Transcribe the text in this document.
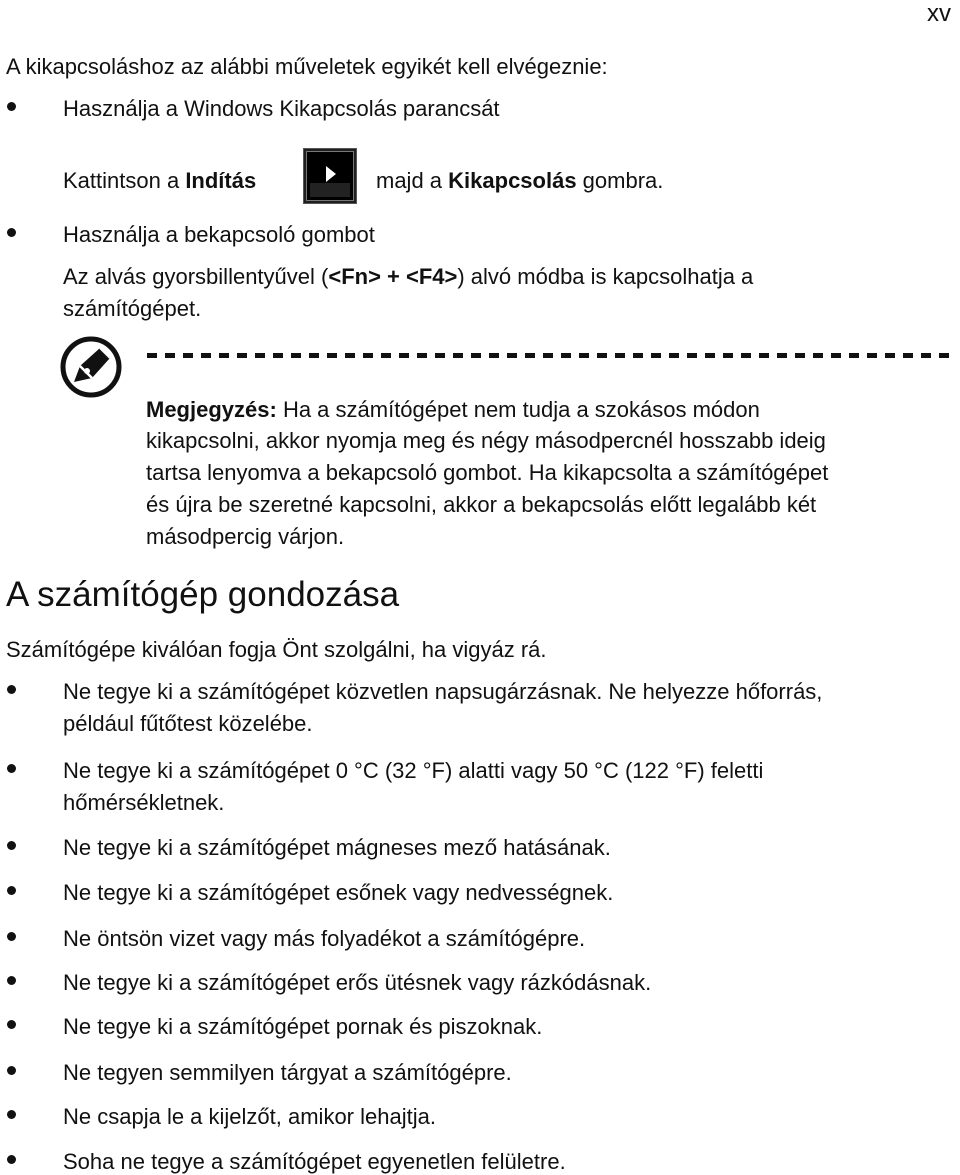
xv
A kikapcsoláshoz az alábbi műveletek egyikét kell elvégeznie:
Használja a Windows Kikapcsolás parancsát
Kattintson a Indítás	majd a Kikapcsolás gombra.
Használja a bekapcsoló gombot
Az alvás gyorsbillentyűvel (<Fn> + <F4>) alvó módba is kapcsolhatja a
számítógépet.
Megjegyzés: Ha a számítógépet nem tudja a szokásos módon
kikapcsolni, akkor nyomja meg és négy másodpercnél hosszabb ideig
tartsa lenyomva a bekapcsoló gombot. Ha kikapcsolta a számítógépet
és újra be szeretné kapcsolni, akkor a bekapcsolás előtt legalább két
másodpercig várjon.
A számítógép gondozása
Számítógépe kiválóan fogja Önt szolgálni, ha vigyáz rá.
Ne tegye ki a számítógépet közvetlen napsugárzásnak. Ne helyezze hőforrás,
például fűtőtest közelébe.
Ne tegye ki a számítógépet 0 °C (32 °F) alatti vagy 50 °C (122 °F) feletti
hőmérsékletnek.
Ne tegye ki a számítógépet mágneses mező hatásának.
Ne tegye ki a számítógépet esőnek vagy nedvességnek.
Ne öntsön vizet vagy más folyadékot a számítógépre.
Ne tegye ki a számítógépet erős ütésnek vagy rázkódásnak.
Ne tegye ki a számítógépet pornak és piszoknak.
Ne tegyen semmilyen tárgyat a számítógépre.
Ne csapja le a kijelzőt, amikor lehajtja.
Soha ne tegye a számítógépet egyenetlen felületre.
